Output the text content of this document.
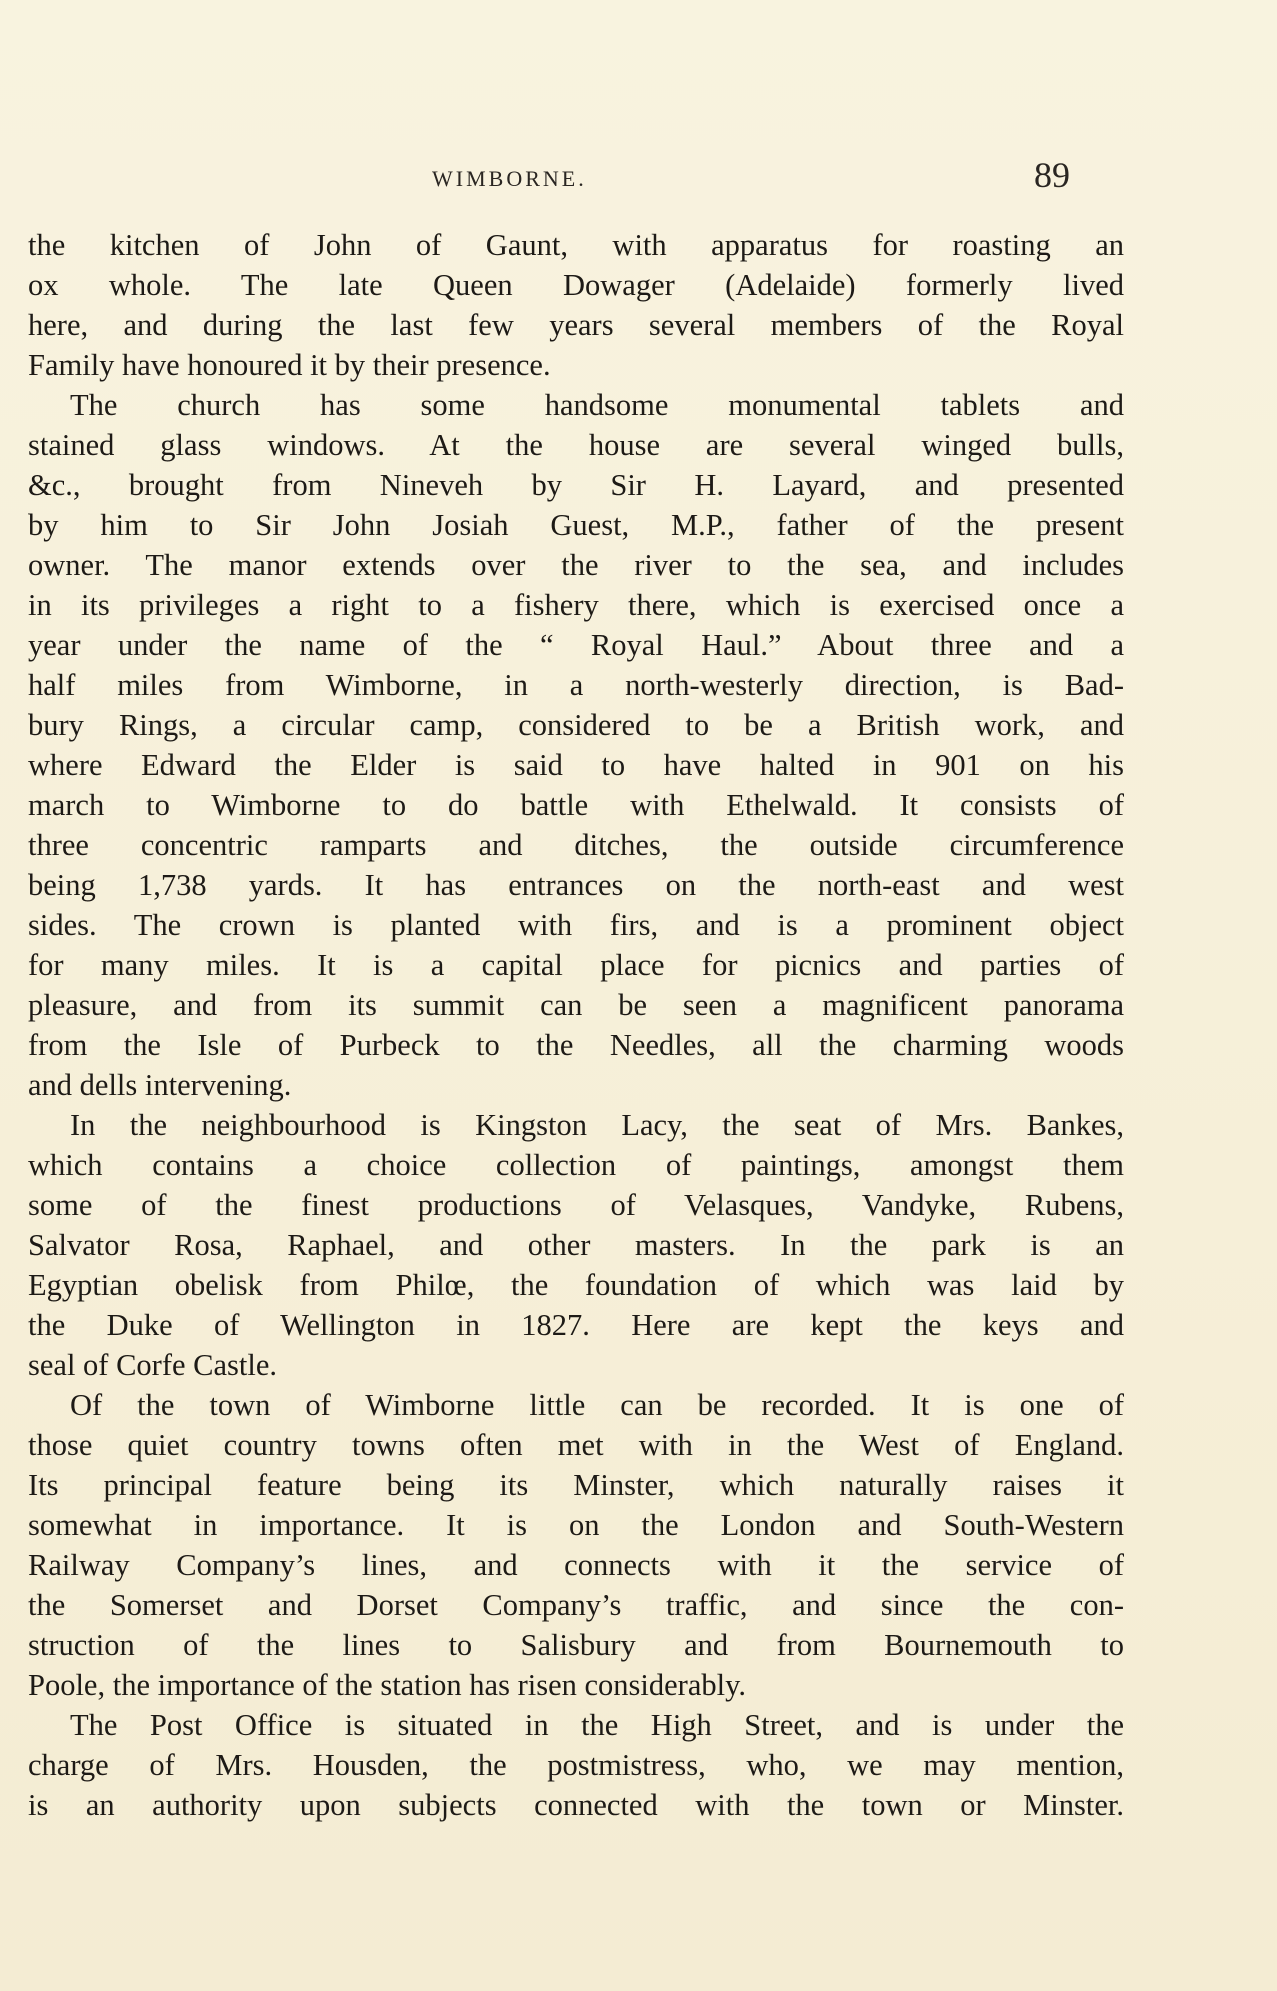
WIMBORNE.	89
the kitchen of John of Gaunt, with apparatus for roasting an
ox whole. The late Queen Dowager (Adelaide) formerly lived
here, and during the last few years several members of the Royal
Family have honoured it by their presence.
The church has some handsome monumental tablets and
stained glass windows. At the house are several winged bulls,
&c., brought from Nineveh by Sir H. Layard, and presented
by him to Sir John Josiah Guest, M.P., father of the present
owner. The manor extends over the river to the sea, and includes
in its privileges a right to a fishery there, which is exercised once a
year under the name of the “ Royal Haul.” About three and a
half miles from Wimborne, in a north-westerly direction, is Bad-
bury Rings, a circular camp, considered to be a British work, and
where Edward the Elder is said to have halted in 901 on his
march to Wimborne to do battle with Ethelwald. It consists of
three concentric ramparts and ditches, the outside circumference
being 1,738 yards. It has entrances on the north-east and west
sides. The crown is planted with firs, and is a prominent object
for many miles. It is a capital place for picnics and parties of
pleasure, and from its summit can be seen a magnificent panorama
from the Isle of Purbeck to the Needles, all the charming woods
and dells intervening.
In the neighbourhood is Kingston Lacy, the seat of Mrs. Bankes,
which contains a choice collection of paintings, amongst them
some of the finest productions of Velasques, Vandyke, Rubens,
Salvator Rosa, Raphael, and other masters. In the park is an
Egyptian obelisk from Philœ, the foundation of which was laid by
the Duke of Wellington in 1827. Here are kept the keys and
seal of Corfe Castle.
Of the town of Wimborne little can be recorded. It is one of
those quiet country towns often met with in the West of England.
Its principal feature being its Minster, which naturally raises it
somewhat in importance. It is on the London and South-Western
Railway Company’s lines, and connects with it the service of
the Somerset and Dorset Company’s traffic, and since the con-
struction of the lines to Salisbury and from Bournemouth to
Poole, the importance of the station has risen considerably.
The Post Office is situated in the High Street, and is under the
charge of Mrs. Housden, the postmistress, who, we may mention,
is an authority upon subjects connected with the town or Minster.
